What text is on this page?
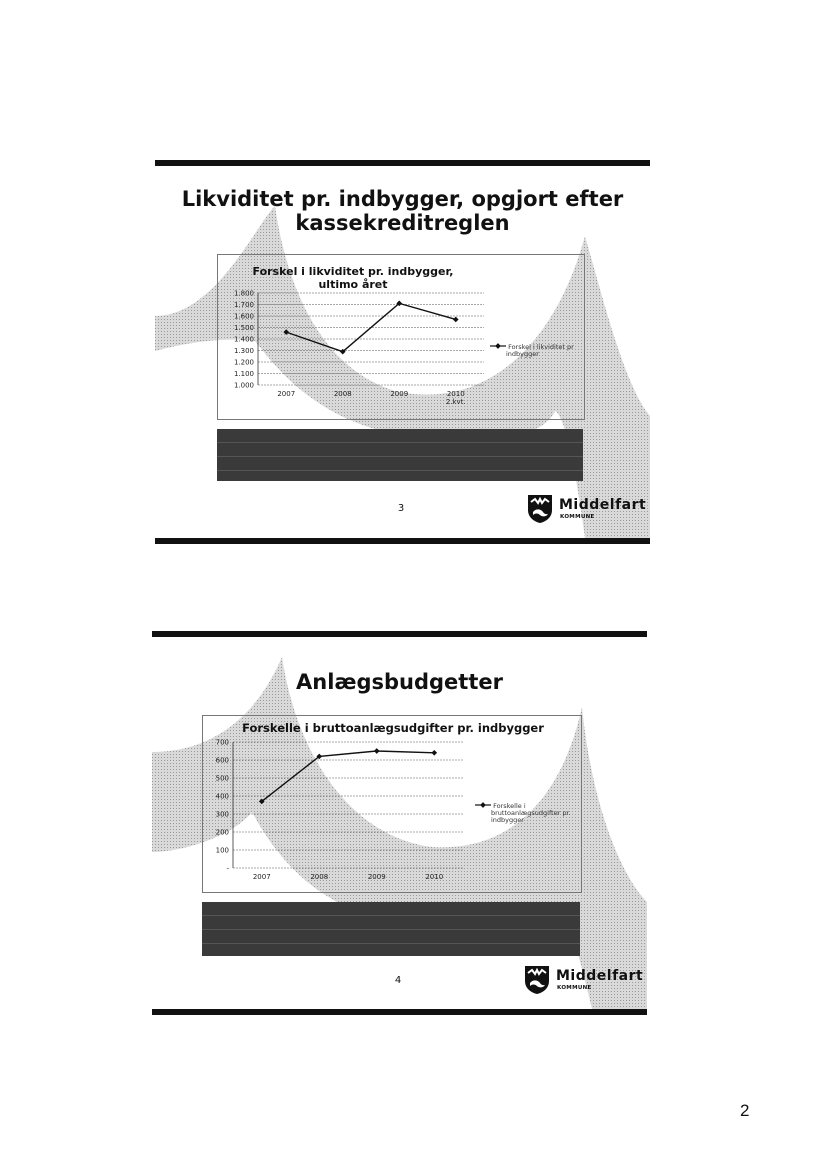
Likviditet pr. indbygger, opgjort efter
kassekreditreglen
Forskel i likviditet pr. indbygger,
ultimo året
1.000
1.100
1.200
1.300
1.400
1.500
1.600
1.700
1.800
2007	2008	2009	2010
2.kvt.
Forskel i likviditet pr
indbygger
3	Middelfart
KOMMUNE
Anlægsbudgetter
Forskelle i bruttoanlægsudgifter pr. indbygger
-
100
200
300
400
500
600
700
2007	2008	2009	2010
Forskelle i
bruttoanlægsudgifter pr.
indbygger
4	Middelfart
KOMMUNE
2
